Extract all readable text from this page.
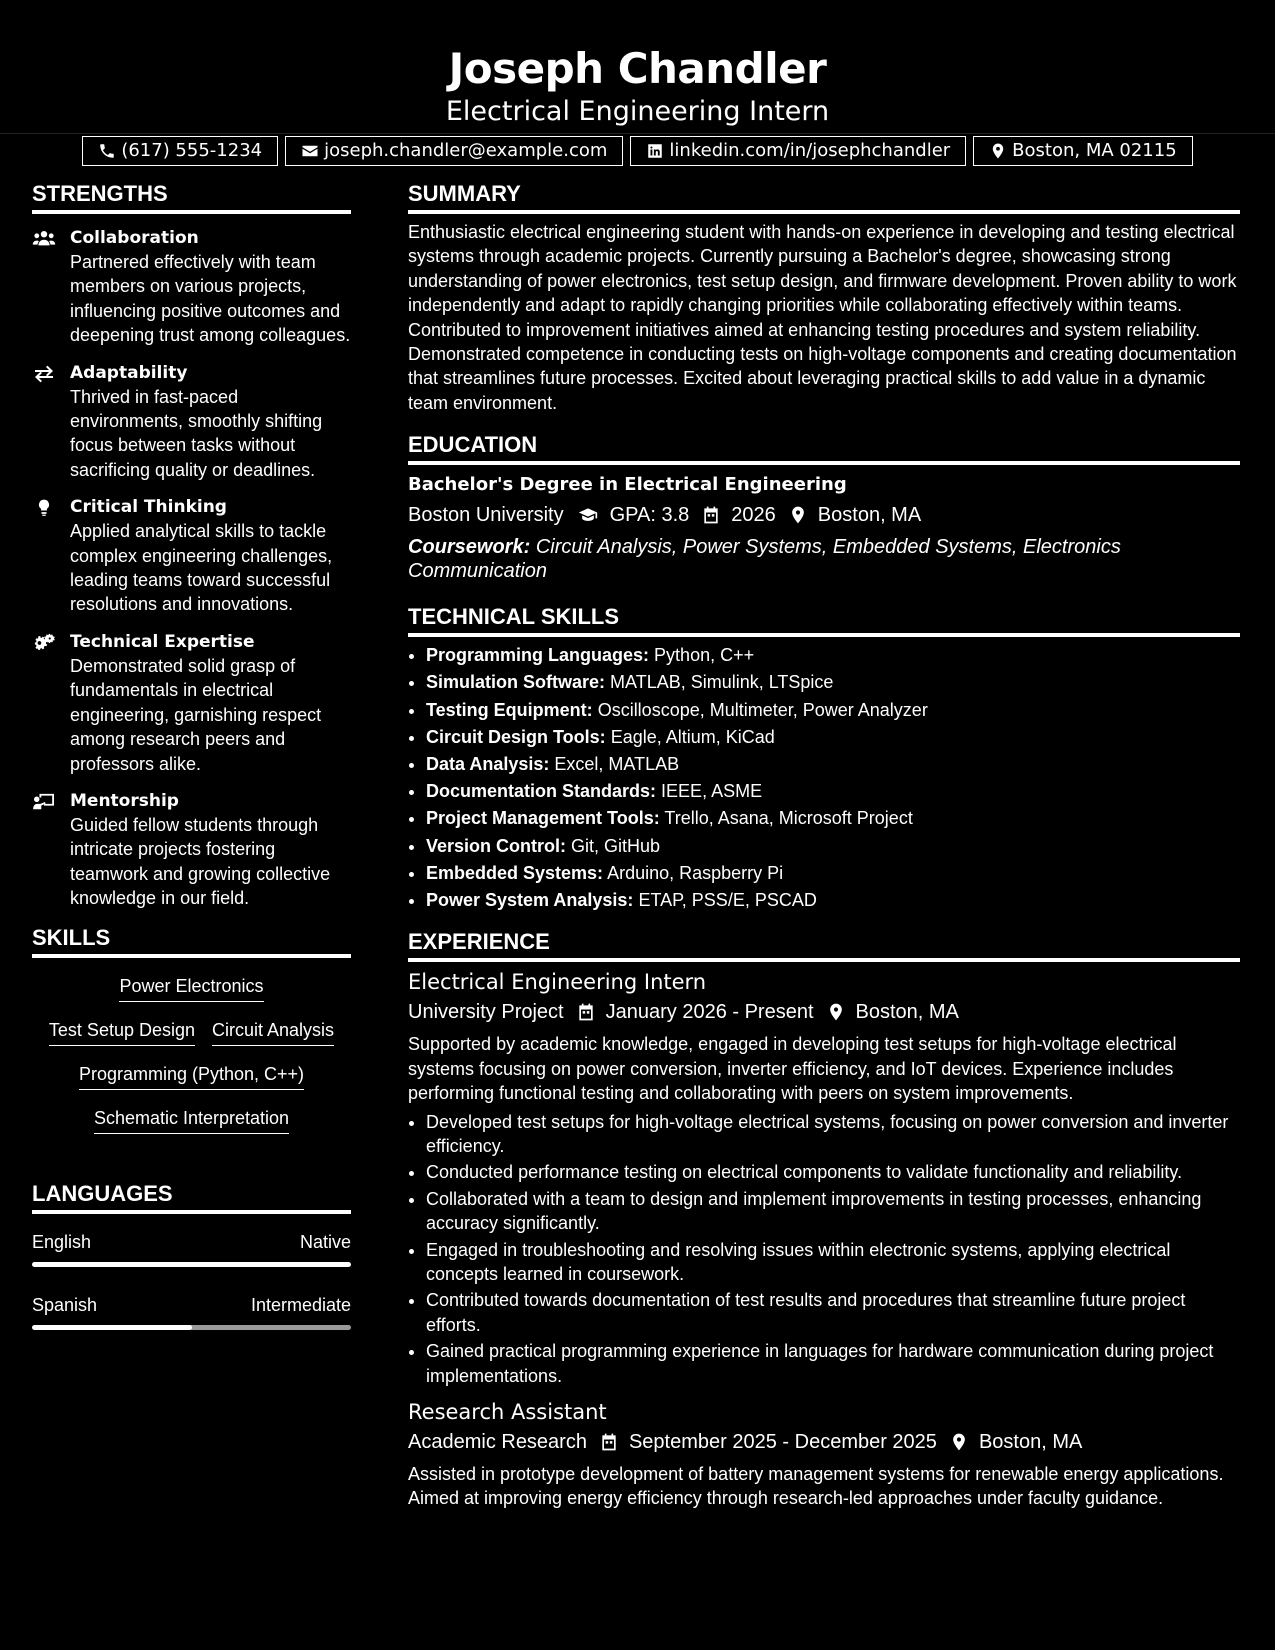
Joseph Chandler
Electrical Engineering Intern
(617) 555-1234	joseph.chandler@example.com	linkedin.com/in/josephchandler	Boston, MA 02115
STRENGTHS
Collaboration
Partnered effectively with team members on various projects, influencing positive outcomes and deepening trust among colleagues.
Adaptability
Thrived in fast-paced environments, smoothly shifting focus between tasks without sacrificing quality or deadlines.
Critical Thinking
Applied analytical skills to tackle complex engineering challenges, leading teams toward successful resolutions and innovations.
Technical Expertise
Demonstrated solid grasp of fundamentals in electrical engineering, garnishing respect among research peers and professors alike.
Mentorship
Guided fellow students through intricate projects fostering teamwork and growing collective knowledge in our field.
SKILLS
Power Electronics
Test Setup Design Circuit Analysis
Programming (Python, C++)
Schematic Interpretation
LANGUAGES
English	Native
Spanish	Intermediate
SUMMARY

Enthusiastic electrical engineering student with hands-on experience in developing and testing electrical systems through academic projects. Currently pursuing a Bachelor's degree, showcasing strong understanding of power electronics, test setup design, and firmware development. Proven ability to work independently and adapt to rapidly changing priorities while collaborating effectively within teams. Contributed to improvement initiatives aimed at enhancing testing procedures and system reliability. Demonstrated competence in conducting tests on high-voltage components and creating documentation that streamlines future processes. Excited about leveraging practical skills to add value in a dynamic team environment.

EDUCATION
Bachelor's Degree in Electrical Engineering
Boston University GPA: 3.8 2026 Boston, MA
Coursework: Circuit Analysis, Power Systems, Embedded Systems, Electronics Communication
TECHNICAL SKILLS
• Programming Languages: Python, C++
• Simulation Software: MATLAB, Simulink, LTSpice
• Testing Equipment: Oscilloscope, Multimeter, Power Analyzer
• Circuit Design Tools: Eagle, Altium, KiCad
• Data Analysis: Excel, MATLAB
• Documentation Standards: IEEE, ASME
• Project Management Tools: Trello, Asana, Microsoft Project
• Version Control: Git, GitHub
• Embedded Systems: Arduino, Raspberry Pi
• Power System Analysis: ETAP, PSS/E, PSCAD
EXPERIENCE
Electrical Engineering Intern
University Project January 2026 - Present Boston, MA

Supported by academic knowledge, engaged in developing test setups for high-voltage electrical systems focusing on power conversion, inverter efficiency, and IoT devices. Experience includes performing functional testing and collaborating with peers on system improvements.

• Developed test setups for high-voltage electrical systems, focusing on power conversion and inverter efficiency.
• Conducted performance testing on electrical components to validate functionality and reliability.
• Collaborated with a team to design and implement improvements in testing processes, enhancing accuracy significantly.
• Engaged in troubleshooting and resolving issues within electronic systems, applying electrical concepts learned in coursework.
• Contributed towards documentation of test results and procedures that streamline future project efforts.
• Gained practical programming experience in languages for hardware communication during project implementations.
Research Assistant
Academic Research September 2025 - December 2025 Boston, MA

Assisted in prototype development of battery management systems for renewable energy applications. Aimed at improving energy efficiency through research-led approaches under faculty guidance.
